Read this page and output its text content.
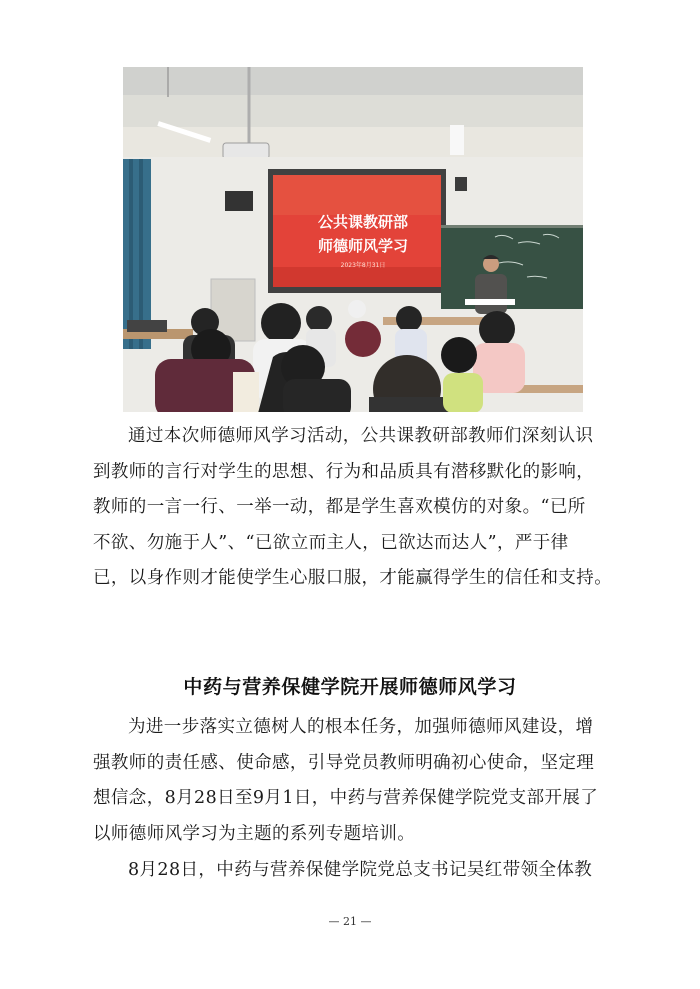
公共课教研部
师德师风学习
2023年8月31日

通过本次师德师风学习活动，公共课教研部教师们深刻认识
到教师的言行对学生的思想、行为和品质具有潜移默化的影响，
教师的一言一行、一举一动，都是学生喜欢模仿的对象。“已所
不欲、勿施于人”、“已欲立而主人，已欲达而达人”，严于律
已，以身作则才能使学生心服口服，才能赢得学生的信任和支持。

中药与营养保健学院开展师德师风学习

为进一步落实立德树人的根本任务，加强师德师风建设，增
强教师的责任感、使命感，引导党员教师明确初心使命，坚定理
想信念，8月28日至9月1日，中药与营养保健学院党支部开展了
以师德师风学习为主题的系列专题培训。

8月28日，中药与营养保健学院党总支书记吴红带领全体教

— 21 —
